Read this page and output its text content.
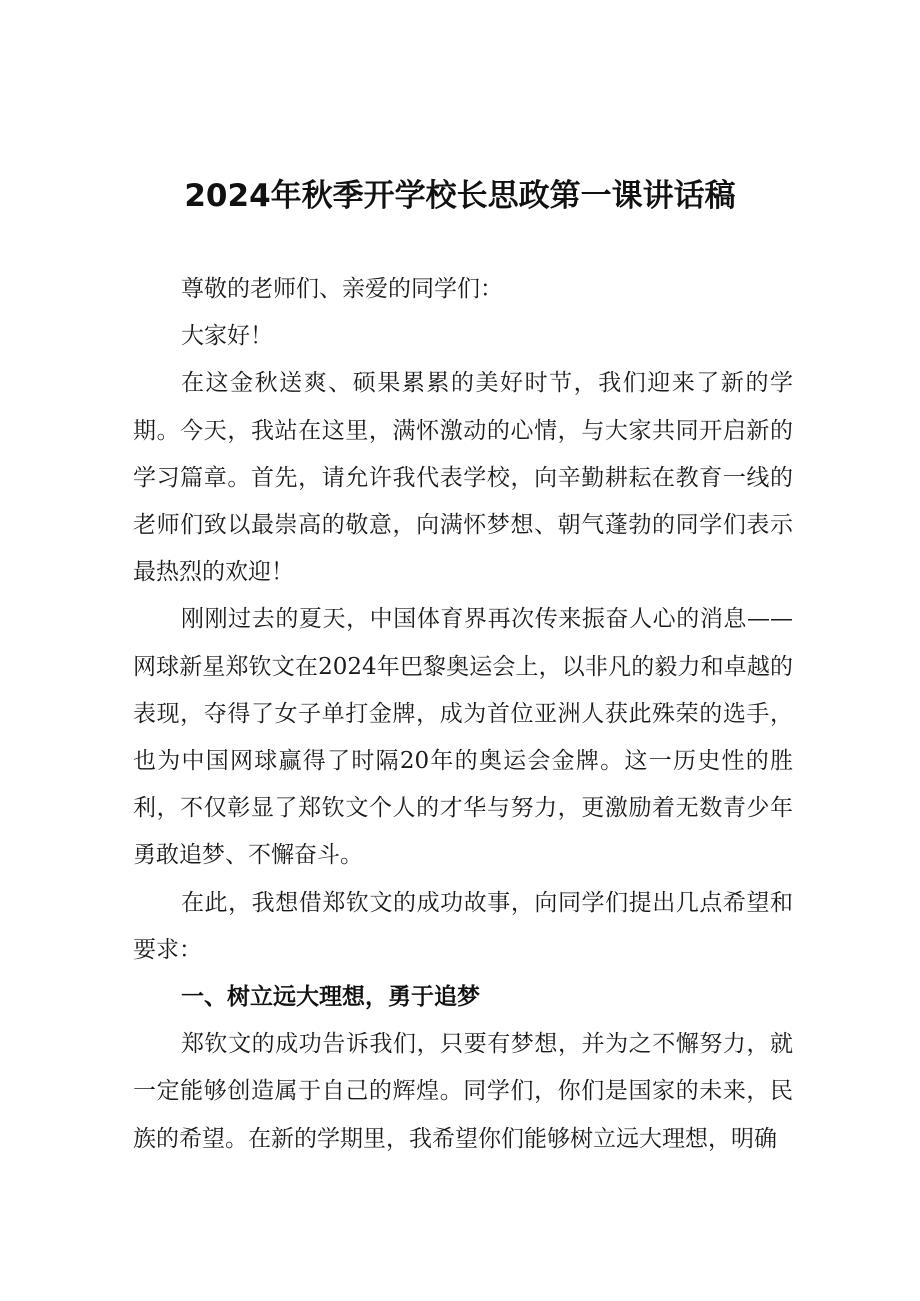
2024年秋季开学校长思政第一课讲话稿

尊敬的老师们、亲爱的同学们：

大家好！

在这金秋送爽、硕果累累的美好时节，我们迎来了新的学期。今天，我站在这里，满怀激动的心情，与大家共同开启新的学习篇章。首先，请允许我代表学校，向辛勤耕耘在教育一线的老师们致以最崇高的敬意，向满怀梦想、朝气蓬勃的同学们表示最热烈的欢迎！

刚刚过去的夏天，中国体育界再次传来振奋人心的消息——网球新星郑钦文在2024年巴黎奥运会上，以非凡的毅力和卓越的表现，夺得了女子单打金牌，成为首位亚洲人获此殊荣的选手，也为中国网球赢得了时隔20年的奥运会金牌。这一历史性的胜利，不仅彰显了郑钦文个人的才华与努力，更激励着无数青少年勇敢追梦、不懈奋斗。

在此，我想借郑钦文的成功故事，向同学们提出几点希望和要求：

一、树立远大理想，勇于追梦

郑钦文的成功告诉我们，只要有梦想，并为之不懈努力，就一定能够创造属于自己的辉煌。同学们，你们是国家的未来，民族的希望。在新的学期里，我希望你们能够树立远大理想，明确
